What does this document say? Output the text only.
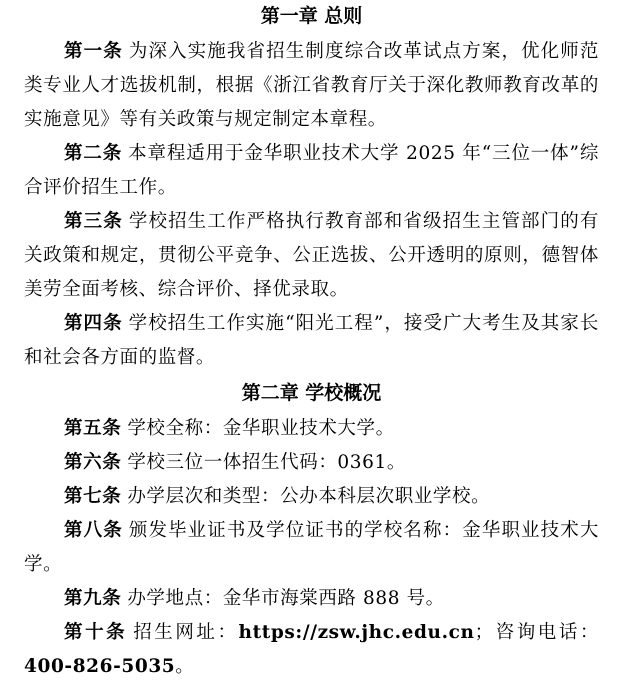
第一章 总则

第一条 为深入实施我省招生制度综合改革试点方案，优化师范类专业人才选拔机制，根据《浙江省教育厅关于深化教师教育改革的实施意见》等有关政策与规定制定本章程。

第二条 本章程适用于金华职业技术大学 2025 年“三位一体”综合评价招生工作。

第三条 学校招生工作严格执行教育部和省级招生主管部门的有关政策和规定，贯彻公平竞争、公正选拔、公开透明的原则，德智体美劳全面考核、综合评价、择优录取。

第四条 学校招生工作实施“阳光工程”，接受广大考生及其家长和社会各方面的监督。

第二章 学校概况

第五条 学校全称：金华职业技术大学。

第六条 学校三位一体招生代码：0361。

第七条 办学层次和类型：公办本科层次职业学校。

第八条 颁发毕业证书及学位证书的学校名称：金华职业技术大学。

第九条 办学地点：金华市海棠西路 888 号。

第十条 招生网址：https://zsw.jhc.edu.cn；咨询电话：400-826-5035。
